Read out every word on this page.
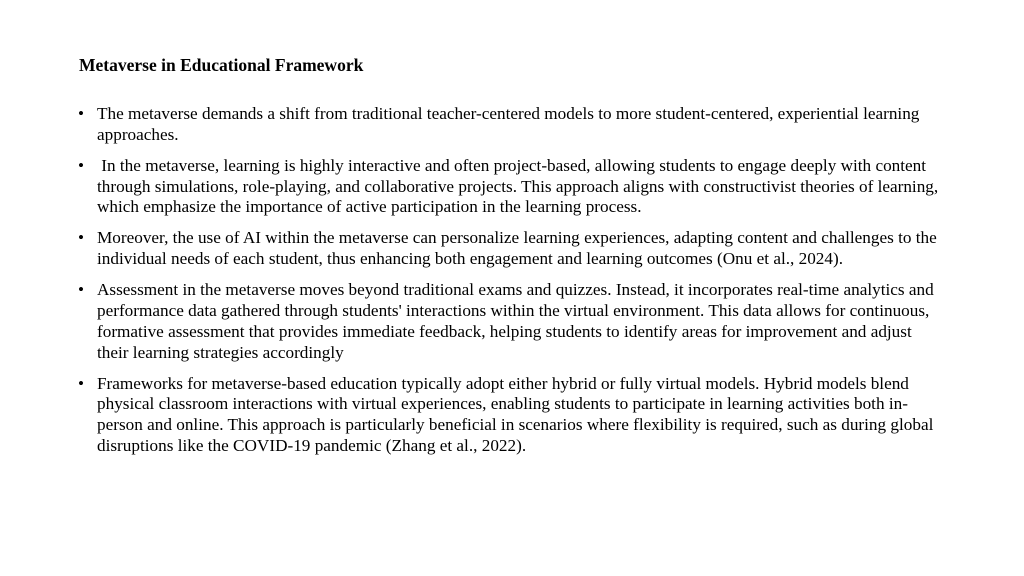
Metaverse in Educational Framework
• The metaverse demands a shift from traditional teacher-centered models to more student-centered, experiential learning approaches.
• In the metaverse, learning is highly interactive and often project-based, allowing students to engage deeply with content through simulations, role-playing, and collaborative projects. This approach aligns with constructivist theories of learning, which emphasize the importance of active participation in the learning process.
• Moreover, the use of AI within the metaverse can personalize learning experiences, adapting content and challenges to the individual needs of each student, thus enhancing both engagement and learning outcomes (Onu et al., 2024).
• Assessment in the metaverse moves beyond traditional exams and quizzes. Instead, it incorporates real-time analytics and performance data gathered through students' interactions within the virtual environment. This data allows for continuous, formative assessment that provides immediate feedback, helping students to identify areas for improvement and adjust their learning strategies accordingly
• Frameworks for metaverse-based education typically adopt either hybrid or fully virtual models. Hybrid models blend physical classroom interactions with virtual experiences, enabling students to participate in learning activities both in-person and online. This approach is particularly beneficial in scenarios where flexibility is required, such as during global disruptions like the COVID-19 pandemic (Zhang et al., 2022).
